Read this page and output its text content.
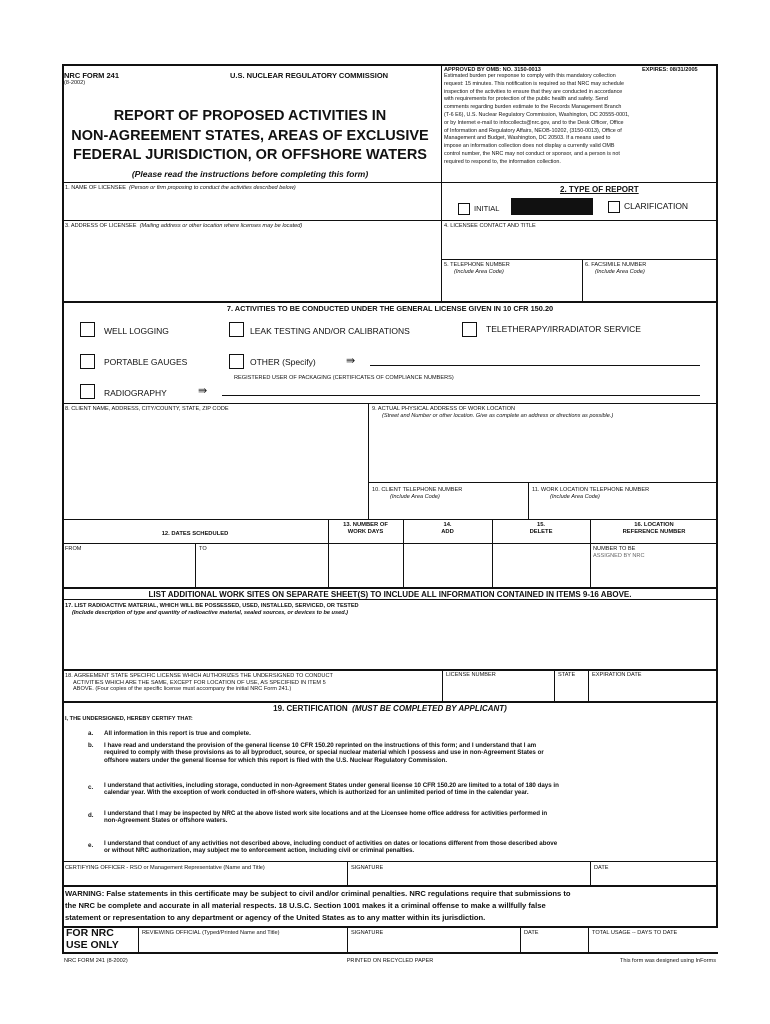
NRC FORM 241
(8-2002)
U.S. NUCLEAR REGULATORY COMMISSION
REPORT OF PROPOSED ACTIVITIES IN
NON-AGREEMENT STATES, AREAS OF EXCLUSIVE
FEDERAL JURISDICTION, OR OFFSHORE WATERS
(Please read the instructions before completing this form)
APPROVED BY OMB: NO. 3150-0013	EXPIRES: 08/31/2005
Estimated burden per response to comply with this mandatory collection
request: 15 minutes. This notification is required so that NRC may schedule
inspection of the activities to ensure that they are conducted in accordance
with requirements for protection of the public health and safety. Send
comments regarding burden estimate to the Records Management Branch
(T-6 E6), U.S. Nuclear Regulatory Commission, Washington, DC 20555-0001,
or by Internet e-mail to infocollects@nrc.gov, and to the Desk Officer, Office
of Information and Regulatory Affairs, NEOB-10202, (3150-0013), Office of
Management and Budget, Washington, DC 20503. If a means used to
impose an information collection does not display a currently valid OMB
control number, the NRC may not conduct or sponsor, and a person is not
required to respond to, the information collection.
1. NAME OF LICENSEE (Person or firm proposing to conduct the activities described below)	2. TYPE OF REPORT
INITIAL	CLARIFICATION
3. ADDRESS OF LICENSEE (Mailing address or other location where licenses may be located)	4. LICENSEE CONTACT AND TITLE
5. TELEPHONE NUMBER
(Include Area Code)
6. FACSIMILE NUMBER
(Include Area Code)
7. ACTIVITIES TO BE CONDUCTED UNDER THE GENERAL LICENSE GIVEN IN 10 CFR 150.20
WELL LOGGING	LEAK TESTING AND/OR CALIBRATIONS	TELETHERAPY/IRRADIATOR SERVICE
PORTABLE GAUGES	OTHER (Specify)	⇛
REGISTERED USER OF PACKAGING (CERTIFICATES OF COMPLIANCE NUMBERS)
RADIOGRAPHY	⇛
8. CLIENT NAME, ADDRESS, CITY/COUNTY, STATE, ZIP CODE	9. ACTUAL PHYSICAL ADDRESS OF WORK LOCATION
(Street and Number or other location. Give as complete an address or directions as possible.)
10. CLIENT TELEPHONE NUMBER
(Include Area Code)
11. WORK LOCATION TELEPHONE NUMBER
(Include Area Code)
12. DATES SCHEDULED
13. NUMBER OF
WORK DAYS
14.
ADD
15.
DELETE
16. LOCATION
REFERENCE NUMBER
FROM	TO	NUMBER TO BE
ASSIGNED BY NRC
LIST ADDITIONAL WORK SITES ON SEPARATE SHEET(S) TO INCLUDE ALL INFORMATION CONTAINED IN ITEMS 9-16 ABOVE.
17. LIST RADIOACTIVE MATERIAL, WHICH WILL BE POSSESSED, USED, INSTALLED, SERVICED, OR TESTED
(Include description of type and quantity of radioactive material, sealed sources, or devices to be used.)
18. AGREEMENT STATE SPECIFIC LICENSE WHICH AUTHORIZES THE UNDERSIGNED TO CONDUCT
ACTIVITIES WHICH ARE THE SAME, EXCEPT FOR LOCATION OF USE, AS SPECIFIED IN ITEM 5
ABOVE. (Four copies of the specific license must accompany the initial NRC Form 241.)
LICENSE NUMBER	STATE	EXPIRATION DATE
19. CERTIFICATION (MUST BE COMPLETED BY APPLICANT)
I, THE UNDERSIGNED, HEREBY CERTIFY THAT:
a. All information in this report is true and complete.
b. I have read and understand the provision of the general license 10 CFR 150.20 reprinted on the instructions of this form; and I understand that I am
required to comply with these provisions as to all byproduct, source, or special nuclear material which I possess and use in non-Agreement States or
offshore waters under the general license for which this report is filed with the U.S. Nuclear Regulatory Commission.
c. I understand that activities, including storage, conducted in non-Agreement States under general license 10 CFR 150.20 are limited to a total of 180 days in
calendar year. With the exception of work conducted in off-shore waters, which is authorized for an unlimited period of time in the calendar year.
d. I understand that I may be inspected by NRC at the above listed work site locations and at the Licensee home office address for activities performed in
non-Agreement States or offshore waters.
e. I understand that conduct of any activities not described above, including conduct of activities on dates or locations different from those described above
or without NRC authorization, may subject me to enforcement action, including civil or criminal penalties.
CERTIFYING OFFICER - RSO or Management Representative (Name and Title)	SIGNATURE	DATE
WARNING: False statements in this certificate may be subject to civil and/or criminal penalties. NRC regulations require that submissions to
the NRC be complete and accurate in all material respects. 18 U.S.C. Section 1001 makes it a criminal offense to make a willfully false
statement or representation to any department or agency of the United States as to any matter within its jurisdiction.
FOR NRC
USE ONLY
REVIEWING OFFICIAL (Typed/Printed Name and Title)	SIGNATURE	DATE	TOTAL USAGE -- DAYS TO DATE
NRC FORM 241 (8-2002)	PRINTED ON RECYCLED PAPER	This form was designed using InForms
